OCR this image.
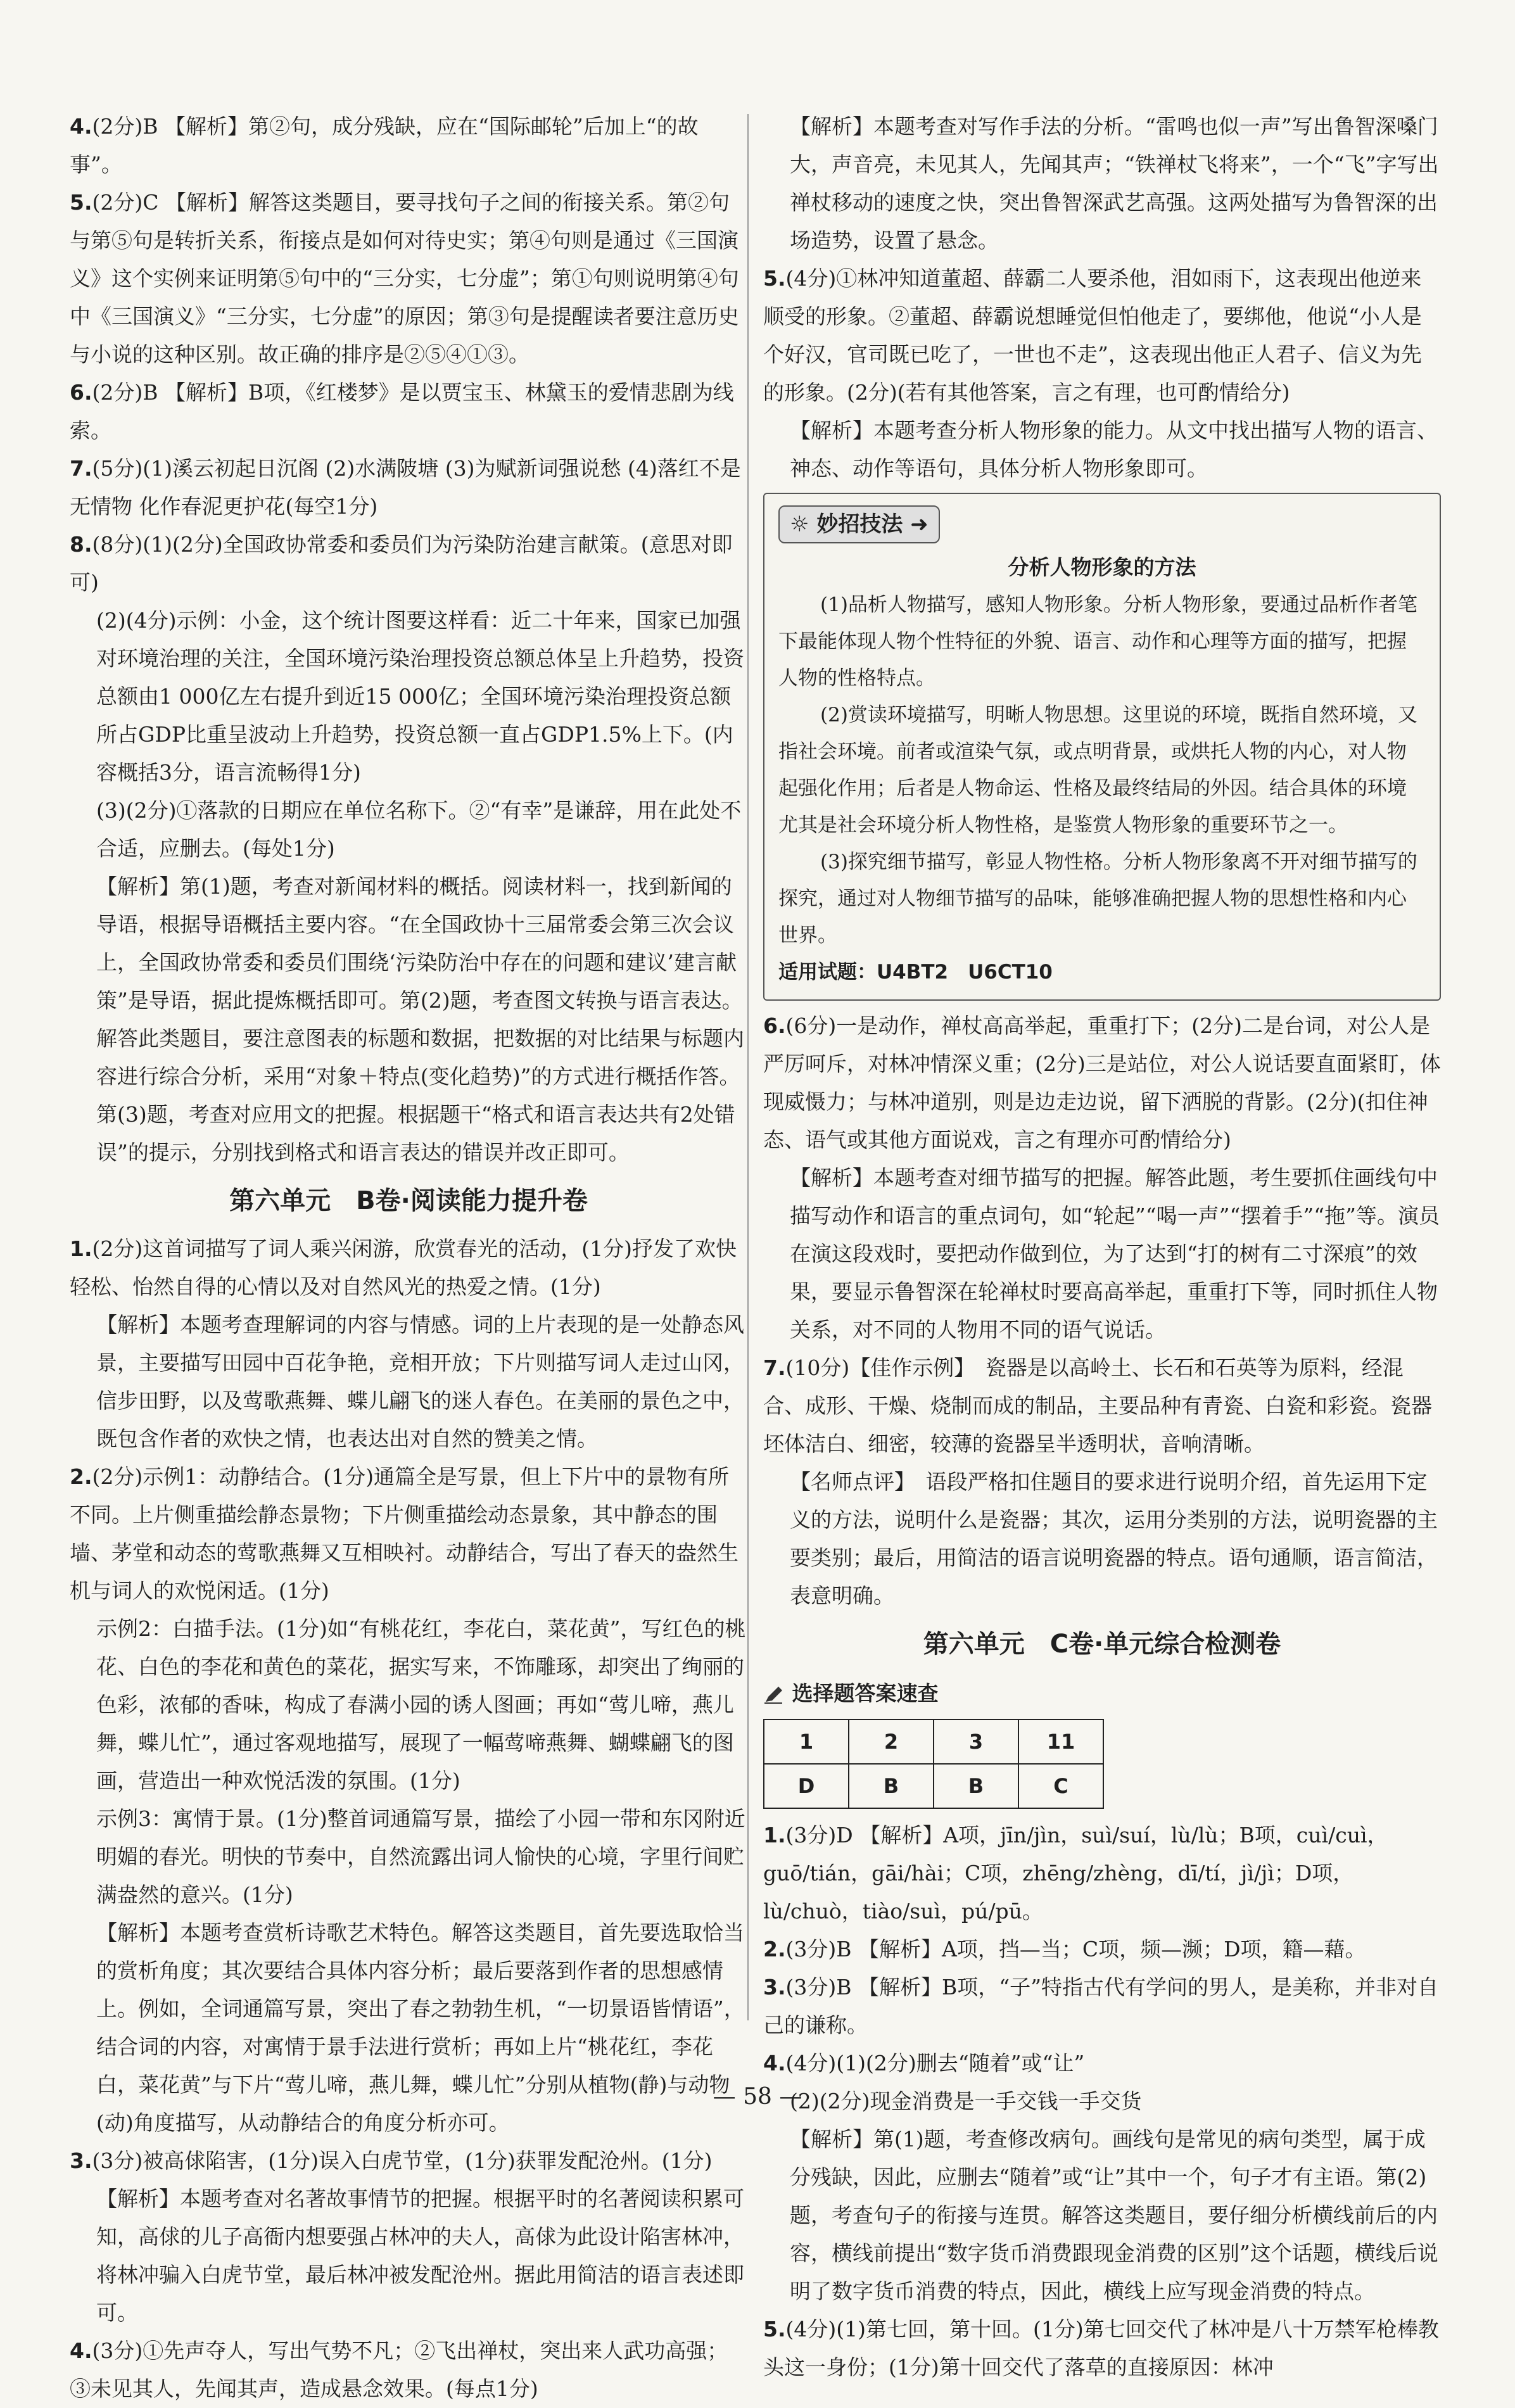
4.(2分)B 【解析】第②句，成分残缺，应在“国际邮轮”后加上“的故事”。
5.(2分)C 【解析】解答这类题目，要寻找句子之间的衔接关系。第②句与第⑤句是转折关系，衔接点是如何对待史实；第④句则是通过《三国演义》这个实例来证明第⑤句中的“三分实，七分虚”；第①句则说明第④句中《三国演义》“三分实，七分虚”的原因；第③句是提醒读者要注意历史与小说的这种区别。故正确的排序是②⑤④①③。
6.(2分)B 【解析】B项，《红楼梦》是以贾宝玉、林黛玉的爱情悲剧为线索。
7.(5分)(1)溪云初起日沉阁 (2)水满陂塘 (3)为赋新词强说愁 (4)落红不是无情物 化作春泥更护花(每空1分)
8.(8分)(1)(2分)全国政协常委和委员们为污染防治建言献策。(意思对即可)
(2)(4分)示例：小金，这个统计图要这样看：近二十年来，国家已加强对环境治理的关注，全国环境污染治理投资总额总体呈上升趋势，投资总额由1 000亿左右提升到近15 000亿；全国环境污染治理投资总额所占GDP比重呈波动上升趋势，投资总额一直占GDP1.5%上下。(内容概括3分，语言流畅得1分)
(3)(2分)①落款的日期应在单位名称下。②“有幸”是谦辞，用在此处不合适，应删去。(每处1分)
【解析】第(1)题，考查对新闻材料的概括。阅读材料一，找到新闻的导语，根据导语概括主要内容。“在全国政协十三届常委会第三次会议上，全国政协常委和委员们围绕‘污染防治中存在的问题和建议’建言献策”是导语，据此提炼概括即可。第(2)题，考查图文转换与语言表达。解答此类题目，要注意图表的标题和数据，把数据的对比结果与标题内容进行综合分析，采用“对象＋特点(变化趋势)”的方式进行概括作答。第(3)题，考查对应用文的把握。根据题干“格式和语言表达共有2处错误”的提示，分别找到格式和语言表达的错误并改正即可。
第六单元　B卷·阅读能力提升卷
1.(2分)这首词描写了词人乘兴闲游，欣赏春光的活动，(1分)抒发了欢快轻松、怡然自得的心情以及对自然风光的热爱之情。(1分)
【解析】本题考查理解词的内容与情感。词的上片表现的是一处静态风景，主要描写田园中百花争艳，竞相开放；下片则描写词人走过山冈，信步田野，以及莺歌燕舞、蝶儿翩飞的迷人春色。在美丽的景色之中，既包含作者的欢快之情，也表达出对自然的赞美之情。
2.(2分)示例1：动静结合。(1分)通篇全是写景，但上下片中的景物有所不同。上片侧重描绘静态景物；下片侧重描绘动态景象，其中静态的围墙、茅堂和动态的莺歌燕舞又互相映衬。动静结合，写出了春天的盎然生机与词人的欢悦闲适。(1分)
示例2：白描手法。(1分)如“有桃花红，李花白，菜花黄”，写红色的桃花、白色的李花和黄色的菜花，据实写来，不饰雕琢，却突出了绚丽的色彩，浓郁的香味，构成了春满小园的诱人图画；再如“莺儿啼，燕儿舞，蝶儿忙”，通过客观地描写，展现了一幅莺啼燕舞、蝴蝶翩飞的图画，营造出一种欢悦活泼的氛围。(1分)
示例3：寓情于景。(1分)整首词通篇写景，描绘了小园一带和东冈附近明媚的春光。明快的节奏中，自然流露出词人愉快的心境，字里行间贮满盎然的意兴。(1分)
【解析】本题考查赏析诗歌艺术特色。解答这类题目，首先要选取恰当的赏析角度；其次要结合具体内容分析；最后要落到作者的思想感情上。例如，全词通篇写景，突出了春之勃勃生机，“一切景语皆情语”，结合词的内容，对寓情于景手法进行赏析；再如上片“桃花红，李花白，菜花黄”与下片“莺儿啼，燕儿舞，蝶儿忙”分别从植物(静)与动物(动)角度描写，从动静结合的角度分析亦可。
3.(3分)被高俅陷害，(1分)误入白虎节堂，(1分)获罪发配沧州。(1分)
【解析】本题考查对名著故事情节的把握。根据平时的名著阅读积累可知，高俅的儿子高衙内想要强占林冲的夫人，高俅为此设计陷害林冲，将林冲骗入白虎节堂，最后林冲被发配沧州。据此用简洁的语言表述即可。
4.(3分)①先声夺人，写出气势不凡；②飞出禅杖，突出来人武功高强；③未见其人，先闻其声，造成悬念效果。(每点1分)
【解析】本题考查对写作手法的分析。“雷鸣也似一声”写出鲁智深嗓门大，声音亮，未见其人，先闻其声；“铁禅杖飞将来”，一个“飞”字写出禅杖移动的速度之快，突出鲁智深武艺高强。这两处描写为鲁智深的出场造势，设置了悬念。
5.(4分)①林冲知道董超、薛霸二人要杀他，泪如雨下，这表现出他逆来顺受的形象。②董超、薛霸说想睡觉但怕他走了，要绑他，他说“小人是个好汉，官司既已吃了，一世也不走”，这表现出他正人君子、信义为先的形象。(2分)(若有其他答案，言之有理，也可酌情给分)
【解析】本题考查分析人物形象的能力。从文中找出描写人物的语言、神态、动作等语句，具体分析人物形象即可。
☼ 妙招技法 ➜
分析人物形象的方法

(1)品析人物描写，感知人物形象。分析人物形象，要通过品析作者笔下最能体现人物个性特征的外貌、语言、动作和心理等方面的描写，把握人物的性格特点。

(2)赏读环境描写，明晰人物思想。这里说的环境，既指自然环境，又指社会环境。前者或渲染气氛，或点明背景，或烘托人物的内心，对人物起强化作用；后者是人物命运、性格及最终结局的外因。结合具体的环境尤其是社会环境分析人物性格，是鉴赏人物形象的重要环节之一。

(3)探究细节描写，彰显人物性格。分析人物形象离不开对细节描写的探究，通过对人物细节描写的品味，能够准确把握人物的思想性格和内心世界。

适用试题：U4BT2　U6CT10

6.(6分)一是动作，禅杖高高举起，重重打下；(2分)二是台词，对公人是严厉呵斥，对林冲情深义重；(2分)三是站位，对公人说话要直面紧盯，体现威慑力；与林冲道别，则是边走边说，留下洒脱的背影。(2分)(扣住神态、语气或其他方面说戏，言之有理亦可酌情给分)
【解析】本题考查对细节描写的把握。解答此题，考生要抓住画线句中描写动作和语言的重点词句，如“轮起”“喝一声”“摆着手”“拖”等。演员在演这段戏时，要把动作做到位，为了达到“打的树有二寸深痕”的效果，要显示鲁智深在轮禅杖时要高高举起，重重打下等，同时抓住人物关系，对不同的人物用不同的语气说话。
7.(10分)【佳作示例】　瓷器是以高岭土、长石和石英等为原料，经混合、成形、干燥、烧制而成的制品，主要品种有青瓷、白瓷和彩瓷。瓷器坯体洁白、细密，较薄的瓷器呈半透明状，音响清晰。
【名师点评】　语段严格扣住题目的要求进行说明介绍，首先运用下定义的方法，说明什么是瓷器；其次，运用分类别的方法，说明瓷器的主要类别；最后，用简洁的语言说明瓷器的特点。语句通顺，语言简洁，表意明确。
第六单元　C卷·单元综合检测卷
选择题答案速查
1	2	3	11
D	B	B	C
1.(3分)D 【解析】A项，jīn/jìn，suì/suí，lù/lù；B项，cuì/cuì，guō/tián，gāi/hài；C项，zhēng/zhèng，dī/tí，jì/jì；D项，lù/chuò，tiào/suì，pú/pū。
2.(3分)B 【解析】A项，挡—当；C项，频—濒；D项，籍—藉。
3.(3分)B 【解析】B项，“子”特指古代有学问的男人，是美称，并非对自己的谦称。
4.(4分)(1)(2分)删去“随着”或“让”
(2)(2分)现金消费是一手交钱一手交货
【解析】第(1)题，考查修改病句。画线句是常见的病句类型，属于成分残缺，因此，应删去“随着”或“让”其中一个，句子才有主语。第(2)题，考查句子的衔接与连贯。解答这类题目，要仔细分析横线前后的内容，横线前提出“数字货币消费跟现金消费的区别”这个话题，横线后说明了数字货币消费的特点，因此，横线上应写现金消费的特点。
5.(4分)(1)第七回，第十回。(1分)第七回交代了林冲是八十万禁军枪棒教头这一身份；(1分)第十回交代了落草的直接原因：林冲
— 58 —
